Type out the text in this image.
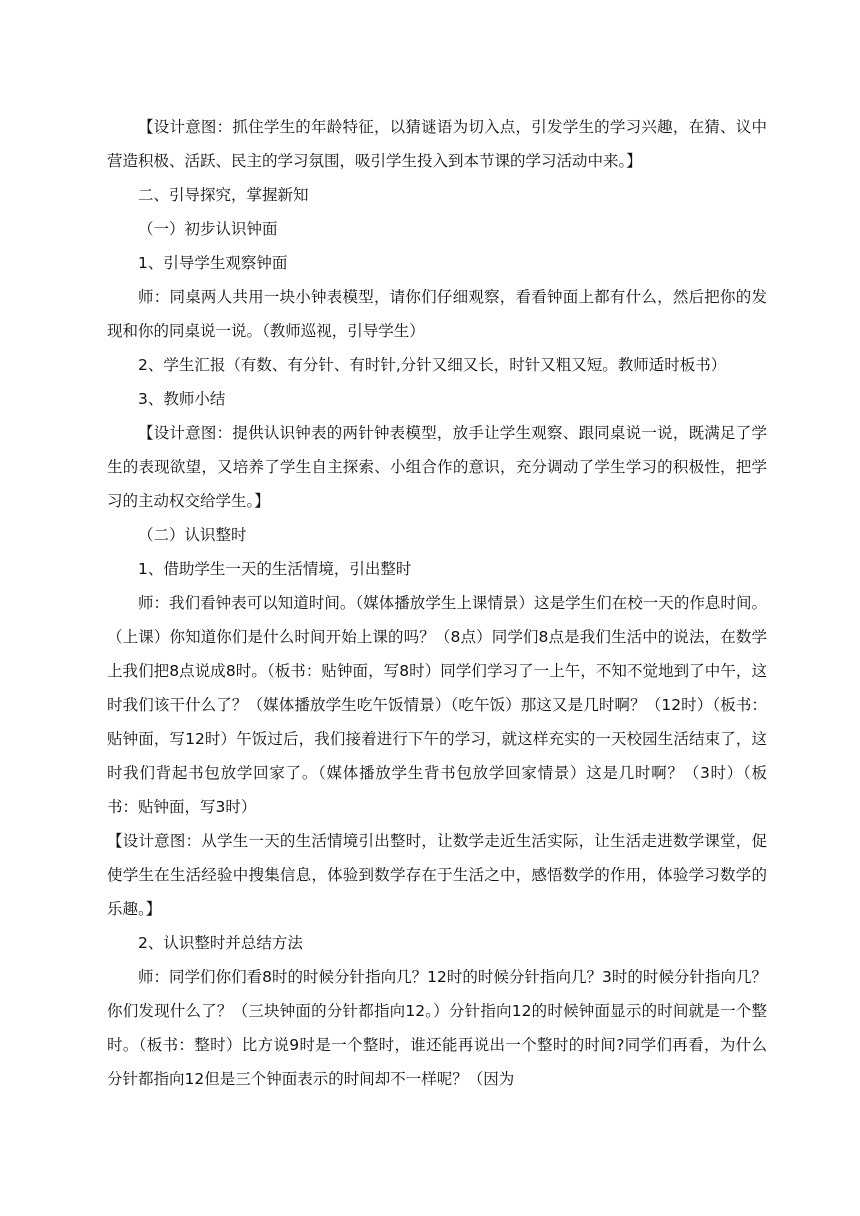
【设计意图：抓住学生的年龄特征，以猜谜语为切入点，引发学生的学习兴趣，在猜、议中营造积极、活跃、民主的学习氛围，吸引学生投入到本节课的学习活动中来。】

二、引导探究，掌握新知

（一）初步认识钟面

1、引导学生观察钟面

师：同桌两人共用一块小钟表模型，请你们仔细观察，看看钟面上都有什么，然后把你的发现和你的同桌说一说。（教师巡视，引导学生）

2、学生汇报（有数、有分针、有时针,分针又细又长，时针又粗又短。教师适时板书）

3、教师小结

【设计意图：提供认识钟表的两针钟表模型，放手让学生观察、跟同桌说一说，既满足了学生的表现欲望，又培养了学生自主探索、小组合作的意识，充分调动了学生学习的积极性，把学习的主动权交给学生。】

（二）认识整时

1、借助学生一天的生活情境，引出整时

师：我们看钟表可以知道时间。（媒体播放学生上课情景）这是学生们在校一天的作息时间。（上课）你知道你们是什么时间开始上课的吗？（8点）同学们8点是我们生活中的说法，在数学上我们把8点说成8时。（板书：贴钟面，写8时）同学们学习了一上午，不知不觉地到了中午，这时我们该干什么了？（媒体播放学生吃午饭情景）（吃午饭）那这又是几时啊？（12时）（板书：贴钟面，写12时）午饭过后，我们接着进行下午的学习，就这样充实的一天校园生活结束了，这时我们背起书包放学回家了。（媒体播放学生背书包放学回家情景）这是几时啊？（3时）（板书：贴钟面，写3时）

【设计意图：从学生一天的生活情境引出整时，让数学走近生活实际，让生活走进数学课堂，促使学生在生活经验中搜集信息，体验到数学存在于生活之中，感悟数学的作用，体验学习数学的乐趣。】

2、认识整时并总结方法

师：同学们你们看8时的时候分针指向几？12时的时候分针指向几？3时的时候分针指向几？你们发现什么了？（三块钟面的分针都指向12。）分针指向12的时候钟面显示的时间就是一个整时。（板书：整时）比方说9时是一个整时，谁还能再说出一个整时的时间?同学们再看，为什么分针都指向12但是三个钟面表示的时间却不一样呢？（因为
